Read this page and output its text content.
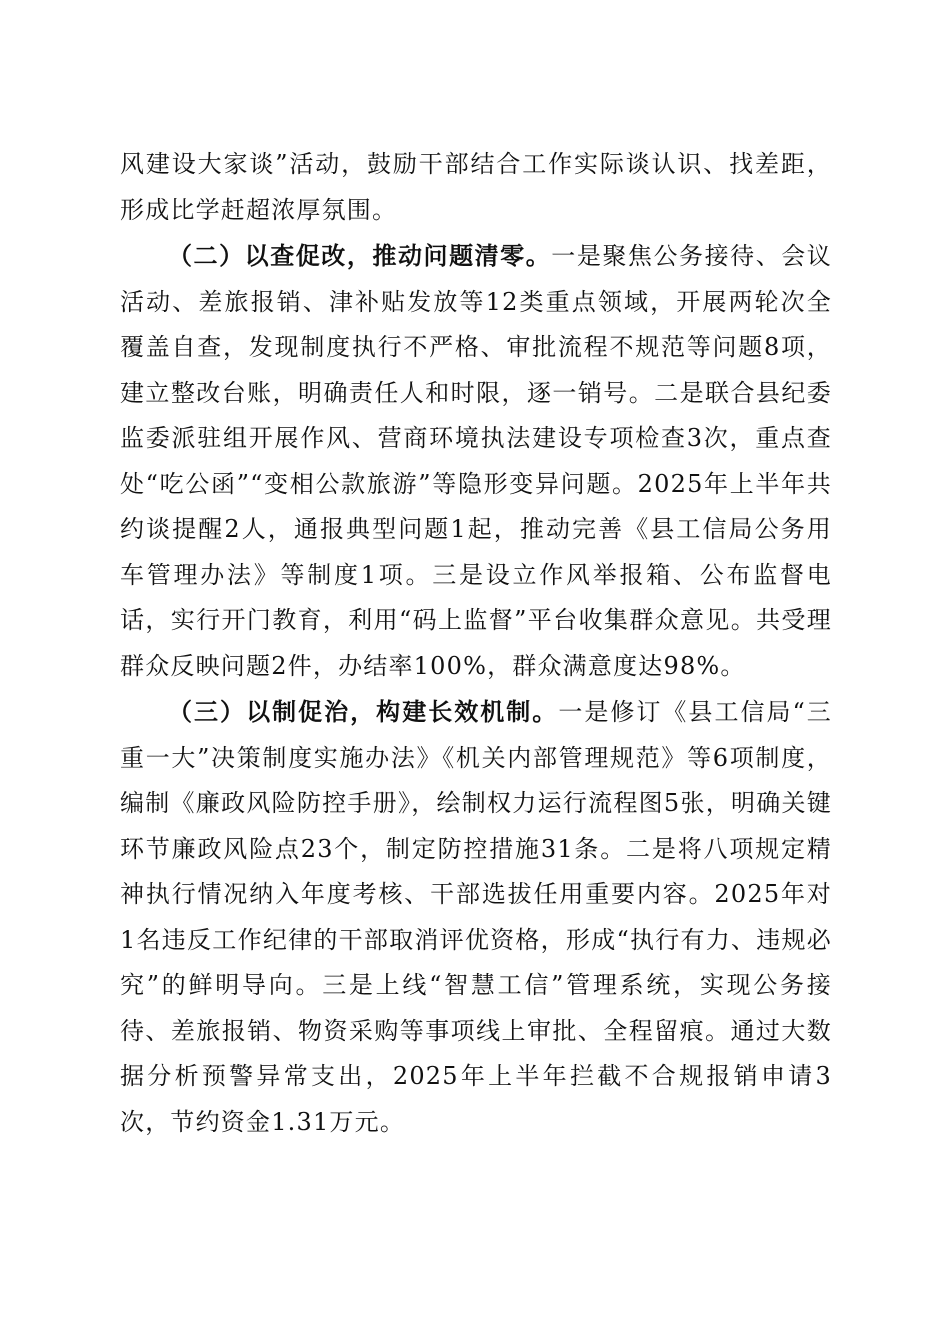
风建设大家谈”活动，鼓励干部结合工作实际谈认识、找差距，形成比学赶超浓厚氛围。

（二）以查促改，推动问题清零。一是聚焦公务接待、会议活动、差旅报销、津补贴发放等12类重点领域，开展两轮次全覆盖自查，发现制度执行不严格、审批流程不规范等问题8项，建立整改台账，明确责任人和时限，逐一销号。二是联合县纪委监委派驻组开展作风、营商环境执法建设专项检查3次，重点查处“吃公函”“变相公款旅游”等隐形变异问题。2025年上半年共约谈提醒2人，通报典型问题1起，推动完善《县工信局公务用车管理办法》等制度1项。三是设立作风举报箱、公布监督电话，实行开门教育，利用“码上监督”平台收集群众意见。共受理群众反映问题2件，办结率100%，群众满意度达98%。

（三）以制促治，构建长效机制。一是修订《县工信局“三重一大”决策制度实施办法》《机关内部管理规范》等6项制度，编制《廉政风险防控手册》，绘制权力运行流程图5张，明确关键环节廉政风险点23个，制定防控措施31条。二是将八项规定精神执行情况纳入年度考核、干部选拔任用重要内容。2025年对1名违反工作纪律的干部取消评优资格，形成“执行有力、违规必究”的鲜明导向。三是上线“智慧工信”管理系统，实现公务接待、差旅报销、物资采购等事项线上审批、全程留痕。通过大数据分析预警异常支出，2025年上半年拦截不合规报销申请3次，节约资金1.31万元。
